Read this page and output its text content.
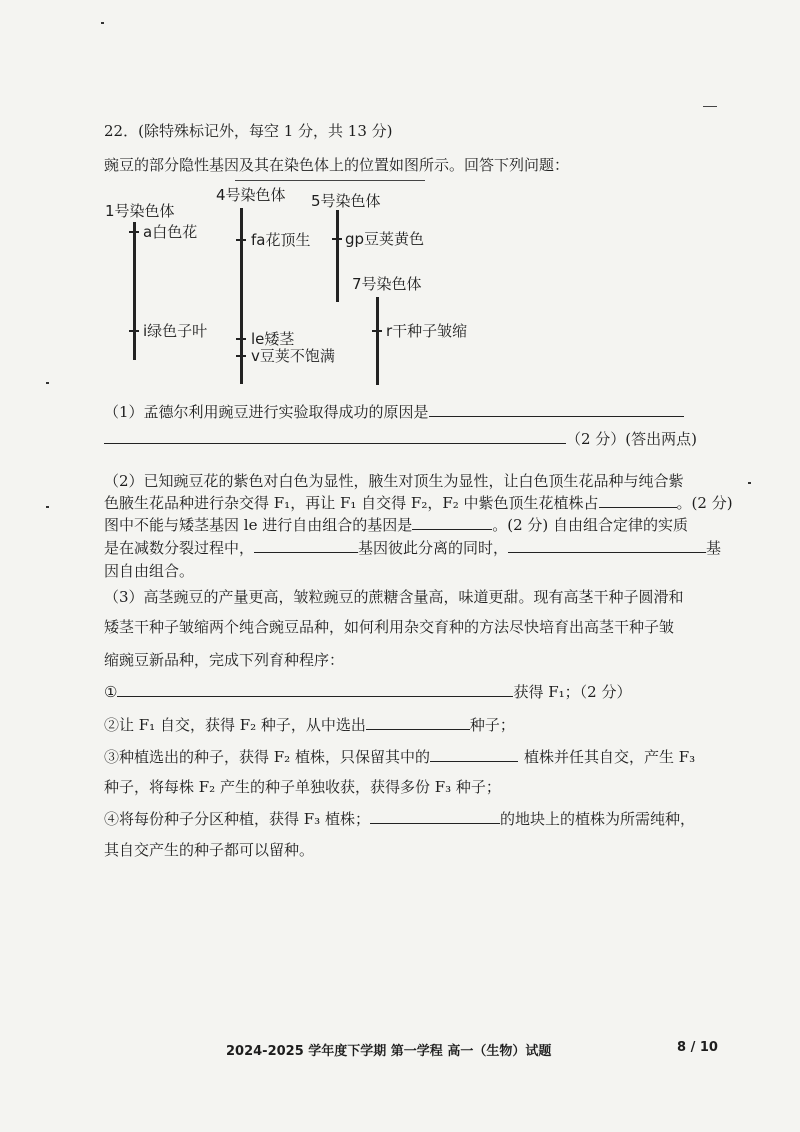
22．(除特殊标记外，每空 1 分，共 13 分)
豌豆的部分隐性基因及其在染色体上的位置如图所示。回答下列问题：
1号染色体
4号染色体 5号染色体
7号染色体
a白色花
i绿色子叶
fa花顶生
le矮茎
v豆荚不饱满
gp豆荚黄色
r干种子皱缩
（1）孟德尔利用豌豆进行实验取得成功的原因是
（2 分）(答出两点)
（2）已知豌豆花的紫色对白色为显性，腋生对顶生为显性，让白色顶生花品种与纯合紫
色腋生花品种进行杂交得 F₁，再让 F₁ 自交得 F₂，F₂ 中紫色顶生花植株占	。(2 分)
图中不能与矮茎基因 le 进行自由组合的基因是	。(2 分) 自由组合定律的实质
是在减数分裂过程中，	基因彼此分离的同时，	基
因自由组合。
（3）高茎豌豆的产量更高，皱粒豌豆的蔗糖含量高，味道更甜。现有高茎干种子圆滑和
矮茎干种子皱缩两个纯合豌豆品种，如何利用杂交育种的方法尽快培育出高茎干种子皱
缩豌豆新品种，完成下列育种程序：
①	获得 F₁；（2 分）
②让 F₁ 自交，获得 F₂ 种子，从中选出	种子；
③种植选出的种子，获得 F₂ 植株，只保留其中的	植株并任其自交，产生 F₃
种子，将每株 F₂ 产生的种子单独收获，获得多份 F₃ 种子；
④将每份种子分区种植，获得 F₃ 植株；	的地块上的植株为所需纯种，
其自交产生的种子都可以留种。
2024-2025 学年度下学期 第一学程 高一（生物）试题	8 / 10
